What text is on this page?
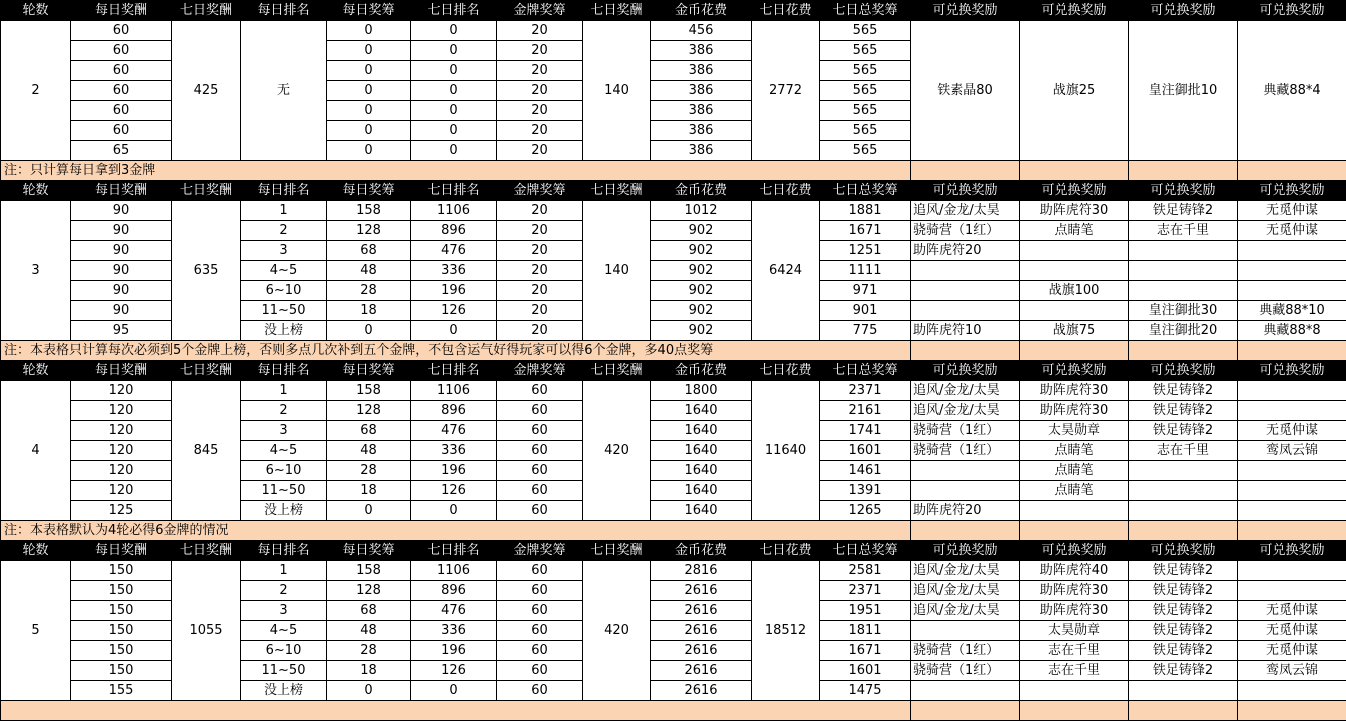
轮数	每日奖酬	七日奖酬	每日排名	每日奖筹	七日排名	金牌奖筹	七日奖酬	金币花费	七日花费	七日总奖筹	可兑换奖励	可兑换奖励	可兑换奖励	可兑换奖励
2	60	425	无	0	0	20	140	456	2772	565	铁素晶80	战旗25	皇注御批10	典藏88*4
	60			0	0	20		386		565				
	60			0	0	20		386		565				
	60			0	0	20		386		565				
	60			0	0	20		386		565				
	60			0	0	20		386		565				
	65			0	0	20		386		565				
注：只计算每日拿到3金牌														
轮数	每日奖酬	七日奖酬	每日排名	每日奖筹	七日排名	金牌奖筹	七日奖酬	金币花费	七日花费	七日总奖筹	可兑换奖励	可兑换奖励	可兑换奖励	可兑换奖励
3	90	635	1	158	1106	20	140	1012	6424	1881	追风/金龙/太昊	助阵虎符30	铁足铸锋2	无觅仲谋
	90		2	128	896	20		902		1671	骁骑营（1红）	点睛笔	志在千里	无觅仲谋
	90		3	68	476	20		902		1251	助阵虎符20			
	90		4~5	48	336	20		902		1111				
	90		6~10	28	196	20		902		971		战旗100		
	90		11~50	18	126	20		902		901			皇注御批30	典藏88*10
	95		没上榜	0	0	20		902		775	助阵虎符10	战旗75	皇注御批20	典藏88*8
注：本表格只计算每次必须到5个金牌上榜，否则多点几次补到五个金牌，不包含运气好得玩家可以得6个金牌，多40点奖筹														
轮数	每日奖酬	七日奖酬	每日排名	每日奖筹	七日排名	金牌奖筹	七日奖酬	金币花费	七日花费	七日总奖筹	可兑换奖励	可兑换奖励	可兑换奖励	可兑换奖励
4	120	845	1	158	1106	60	420	1800	11640	2371	追风/金龙/太昊	助阵虎符30	铁足铸锋2	
	120		2	128	896	60		1640		2161	追风/金龙/太昊	助阵虎符30	铁足铸锋2	
	120		3	68	476	60		1640		1741	骁骑营（1红）	太昊勋章	铁足铸锋2	无觅仲谋
	120		4~5	48	336	60		1640		1601	骁骑营（1红）	点睛笔	志在千里	鸾凤云锦
	120		6~10	28	196	60		1640		1461		点睛笔		
	120		11~50	18	126	60		1640		1391		点睛笔		
	125		没上榜	0	0	60		1640		1265	助阵虎符20			
注：本表格默认为4轮必得6金牌的情况														
轮数	每日奖酬	七日奖酬	每日排名	每日奖筹	七日排名	金牌奖筹	七日奖酬	金币花费	七日花费	七日总奖筹	可兑换奖励	可兑换奖励	可兑换奖励	可兑换奖励
5	150	1055	1	158	1106	60	420	2816	18512	2581	追风/金龙/太昊	助阵虎符40	铁足铸锋2	
	150		2	128	896	60		2616		2371	追风/金龙/太昊	助阵虎符30	铁足铸锋2	
	150		3	68	476	60		2616		1951	追风/金龙/太昊	助阵虎符30	铁足铸锋2	无觅仲谋
	150		4~5	48	336	60		2616		1811		太昊勋章	铁足铸锋2	无觅仲谋
	150		6~10	28	196	60		2616		1671	骁骑营（1红）	志在千里	铁足铸锋2	无觅仲谋
	150		11~50	18	126	60		2616		1601	骁骑营（1红）	志在千里	铁足铸锋2	鸾凤云锦
	155		没上榜	0	0	60		2616		1475				
